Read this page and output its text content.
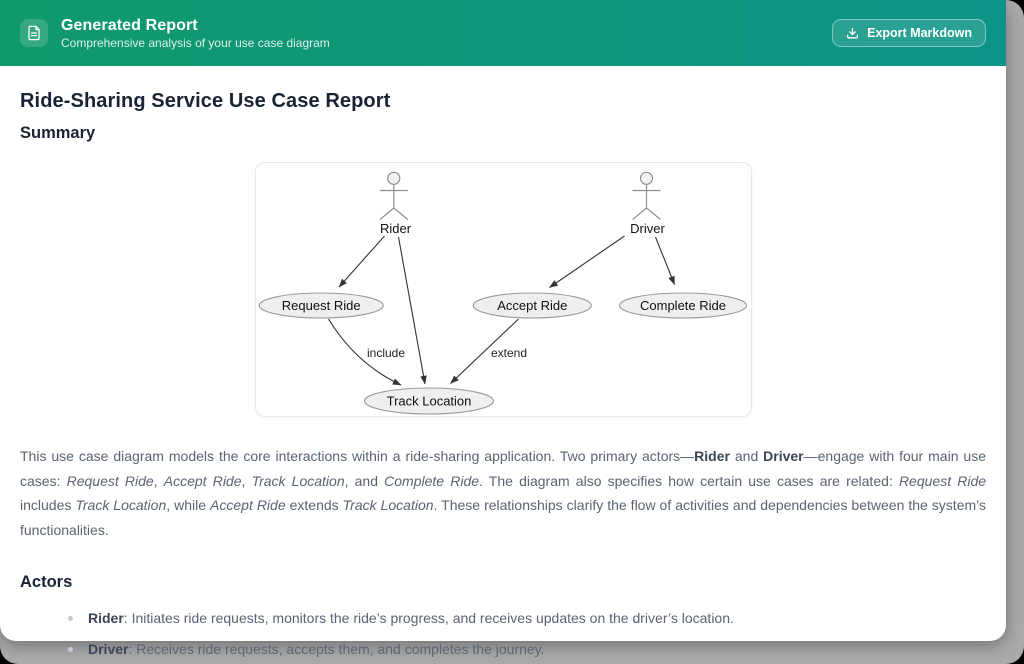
Generated Report
Comprehensive analysis of your use case diagram
Export Markdown
Ride-Sharing Service Use Case Report
Summary
Rider	Driver
include	extend
Request Ride	Accept Ride	Complete Ride
Track Location

This use case diagram models the core interactions within a ride-sharing application. Two primary actors—Rider and Driver—engage with four main use cases: Request Ride, Accept Ride, Track Location, and Complete Ride. The diagram also specifies how certain use cases are related: Request Ride includes Track Location, while Accept Ride extends Track Location. These relationships clarify the flow of activities and dependencies between the system’s functionalities.

Actors
Rider: Initiates ride requests, monitors the ride’s progress, and receives updates on the driver’s location.
Driver: Receives ride requests, accepts them, and completes the journey.
